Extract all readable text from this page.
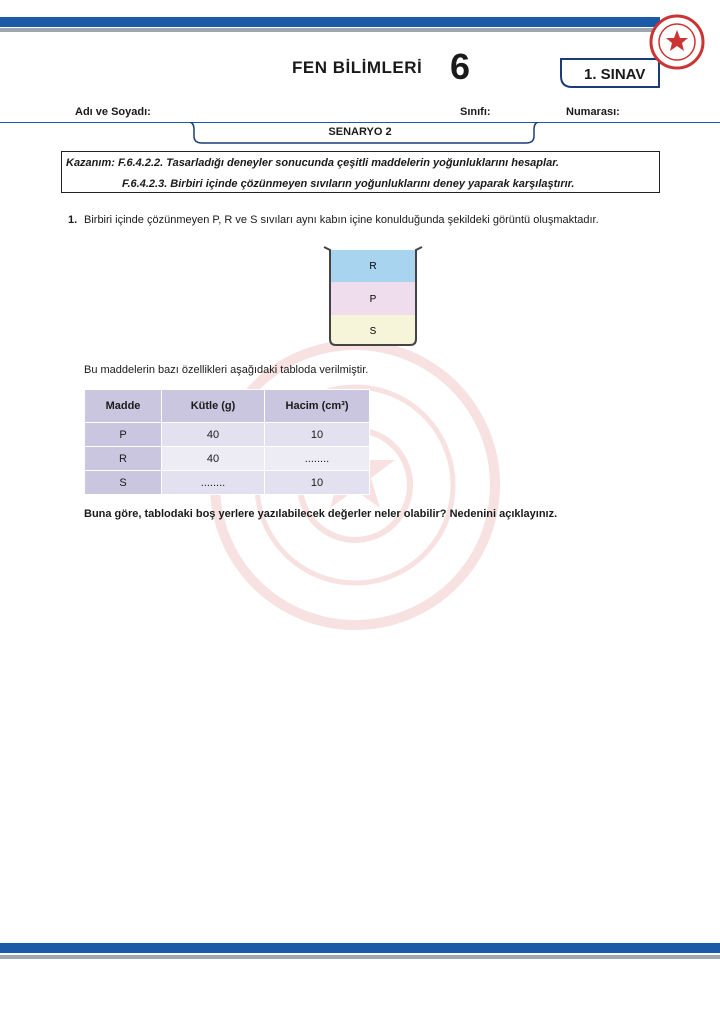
FEN BİLİMLERİ 6	1. SINAV
Adı ve Soyadı:	Sınıfı:	Numarası:
SENARYO 2
Kazanım: F.6.4.2.2. Tasarladığı deneyler sonucunda çeşitli maddelerin yoğunluklarını hesaplar.
F.6.4.2.3. Birbiri içinde çözünmeyen sıvıların yoğunluklarını deney yaparak karşılaştırır.
1. Birbiri içinde çözünmeyen P, R ve S sıvıları aynı kabın içine konulduğunda şekildeki görüntü oluşmaktadır.
R
P
S
Bu maddelerin bazı özellikleri aşağıdaki tabloda verilmiştir.
Madde	Kütle (g)	Hacim (cm³)
P	40	10
R	40	........
S	........	10
Buna göre, tablodaki boş yerlere yazılabilecek değerler neler olabilir? Nedenini açıklayınız.
